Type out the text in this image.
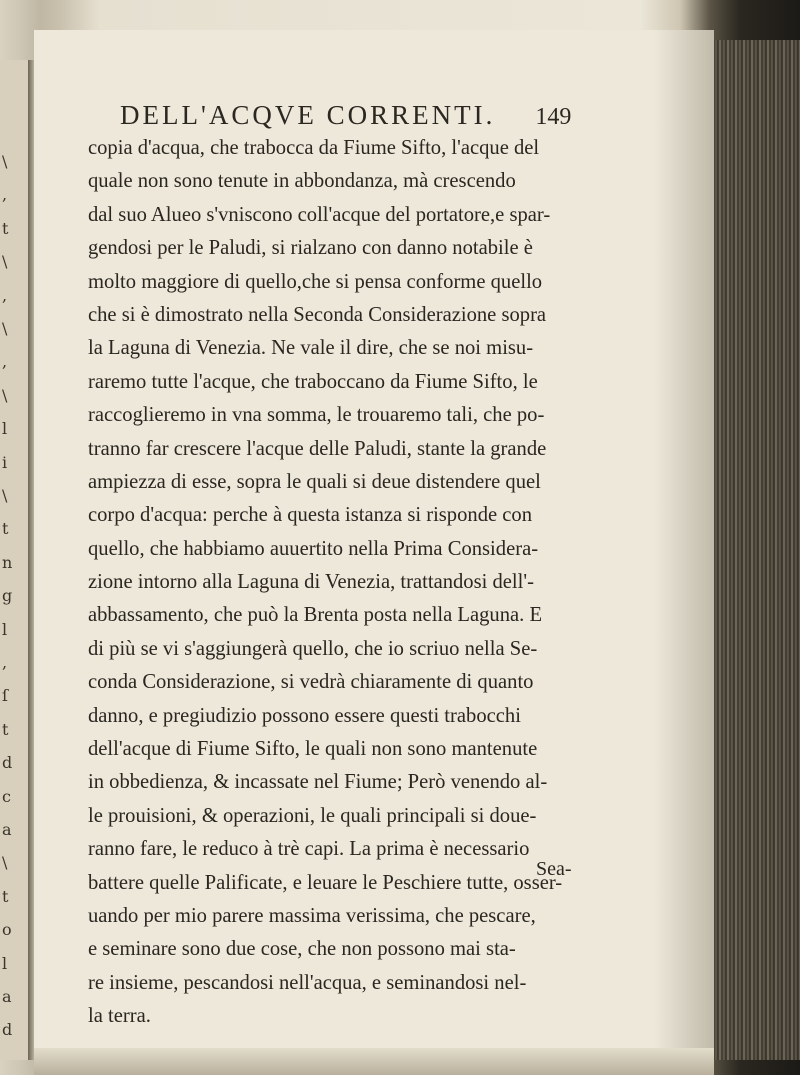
\
,
t
\
,
\
,
\
l
i
\
t
n
g
l
,
ſ
t
d
c
a
\
t
o
l
a
d
DELL'ACQVE CORRENTI. 149
copia d'acqua, che trabocca da Fiume Sifto, l'acque del
quale non sono tenute in abbondanza, mà crescendo
dal suo Alueo s'vniscono coll'acque del portatore,e spar-
gendosi per le Paludi, si rialzano con danno notabile è
molto maggiore di quello,che si pensa conforme quello
che si è dimostrato nella Seconda Considerazione sopra
la Laguna di Venezia. Ne vale il dire, che se noi misu-
raremo tutte l'acque, che traboccano da Fiume Sifto, le
raccoglieremo in vna somma, le trouaremo tali, che po-
tranno far crescere l'acque delle Paludi, stante la grande
ampiezza di esse, sopra le quali si deue distendere quel
corpo d'acqua: perche à questa istanza si risponde con
quello, che habbiamo auuertito nella Prima Considera-
zione intorno alla Laguna di Venezia, trattandosi dell'-
abbassamento, che può la Brenta posta nella Laguna. E
di più se vi s'aggiungerà quello, che io scriuo nella Se-
conda Considerazione, si vedrà chiaramente di quanto
danno, e pregiudizio possono essere questi trabocchi
dell'acque di Fiume Sifto, le quali non sono mantenute
in obbedienza, & incassate nel Fiume; Però venendo al-
le prouisioni, & operazioni, le quali principali si doue-
ranno fare, le reduco à trè capi. La prima è necessario
battere quelle Palificate, e leuare le Peschiere tutte, osser-
uando per mio parere massima verissima, che pescare,
e seminare sono due cose, che non possono mai sta-
re insieme, pescandosi nell'acqua, e seminandosi nel-
la terra.
Sea-
